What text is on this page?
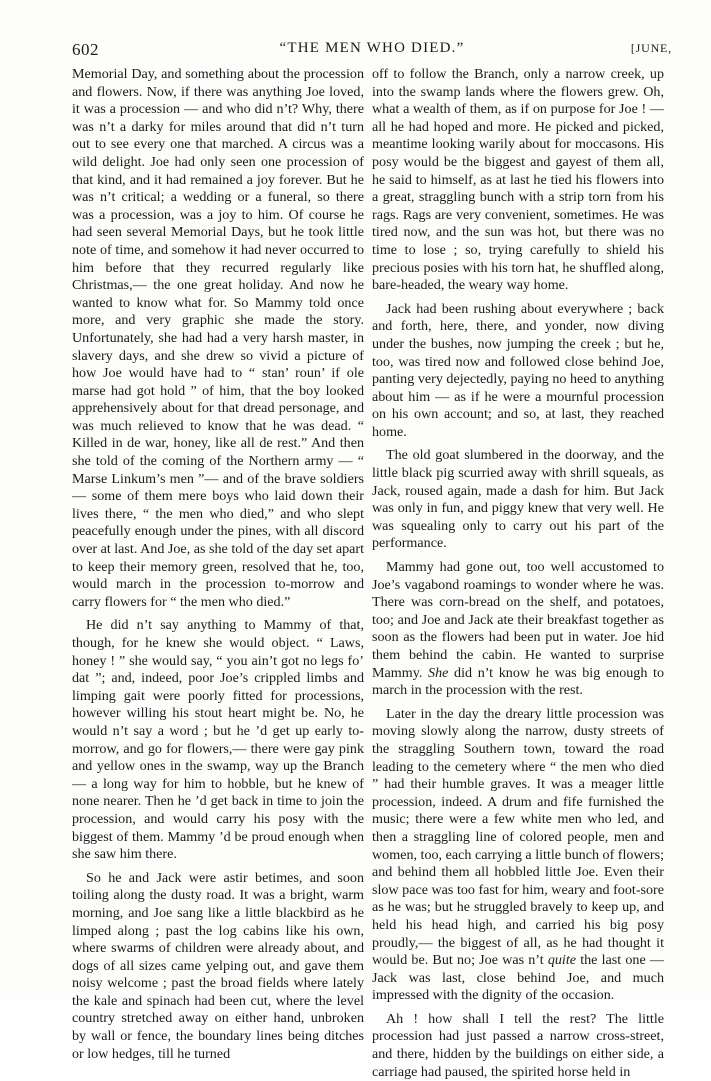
602	“THE MEN WHO DIED.”	[JUNE,

Memorial Day, and something about the procession and flowers. Now, if there was anything Joe loved, it was a procession — and who did n’t? Why, there was n’t a darky for miles around that did n’t turn out to see every one that marched. A circus was a wild delight. Joe had only seen one procession of that kind, and it had remained a joy forever. But he was n’t critical; a wedding or a funeral, so there was a procession, was a joy to him. Of course he had seen several Memorial Days, but he took little note of time, and somehow it had never occurred to him before that they recurred regularly like Christmas,— the one great holiday. And now he wanted to know what for. So Mammy told once more, and very graphic she made the story. Unfortunately, she had had a very harsh master, in slavery days, and she drew so vivid a picture of how Joe would have had to “ stan’ roun’ if ole marse had got hold ” of him, that the boy looked apprehensively about for that dread personage, and was much relieved to know that he was dead. “ Killed in de war, honey, like all de rest.” And then she told of the coming of the Northern army — “ Marse Linkum’s men ”— and of the brave soldiers — some of them mere boys who laid down their lives there, “ the men who died,” and who slept peacefully enough under the pines, with all discord over at last. And Joe, as she told of the day set apart to keep their memory green, resolved that he, too, would march in the procession to-morrow and carry flowers for “ the men who died.”

He did n’t say anything to Mammy of that, though, for he knew she would object. “ Laws, honey ! ” she would say, “ you ain’t got no legs fo’ dat ”; and, indeed, poor Joe’s crippled limbs and limping gait were poorly fitted for processions, however willing his stout heart might be. No, he would n’t say a word ; but he ’d get up early to-morrow, and go for flowers,— there were gay pink and yellow ones in the swamp, way up the Branch — a long way for him to hobble, but he knew of none nearer. Then he ’d get back in time to join the procession, and would carry his posy with the biggest of them. Mammy ’d be proud enough when she saw him there.

So he and Jack were astir betimes, and soon toiling along the dusty road. It was a bright, warm morning, and Joe sang like a little blackbird as he limped along ; past the log cabins like his own, where swarms of children were already about, and dogs of all sizes came yelping out, and gave them noisy welcome ; past the broad fields where lately the kale and spinach had been cut, where the level country stretched away on either hand, unbroken by wall or fence, the boundary lines being ditches or low hedges, till he turned

off to follow the Branch, only a narrow creek, up into the swamp lands where the flowers grew. Oh, what a wealth of them, as if on purpose for Joe ! — all he had hoped and more. He picked and picked, meantime looking warily about for moccasons. His posy would be the biggest and gayest of them all, he said to himself, as at last he tied his flowers into a great, straggling bunch with a strip torn from his rags. Rags are very convenient, sometimes. He was tired now, and the sun was hot, but there was no time to lose ; so, trying carefully to shield his precious posies with his torn hat, he shuffled along, bare-headed, the weary way home.

Jack had been rushing about everywhere ; back and forth, here, there, and yonder, now diving under the bushes, now jumping the creek ; but he, too, was tired now and followed close behind Joe, panting very dejectedly, paying no heed to anything about him — as if he were a mournful procession on his own account; and so, at last, they reached home.

The old goat slumbered in the doorway, and the little black pig scurried away with shrill squeals, as Jack, roused again, made a dash for him. But Jack was only in fun, and piggy knew that very well. He was squealing only to carry out his part of the performance.

Mammy had gone out, too well accustomed to Joe’s vagabond roamings to wonder where he was. There was corn-bread on the shelf, and potatoes, too; and Joe and Jack ate their breakfast together as soon as the flowers had been put in water. Joe hid them behind the cabin. He wanted to surprise Mammy. She did n’t know he was big enough to march in the procession with the rest.

Later in the day the dreary little procession was moving slowly along the narrow, dusty streets of the straggling Southern town, toward the road leading to the cemetery where “ the men who died ” had their humble graves. It was a meager little procession, indeed. A drum and fife furnished the music; there were a few white men who led, and then a straggling line of colored people, men and women, too, each carrying a little bunch of flowers; and behind them all hobbled little Joe. Even their slow pace was too fast for him, weary and foot-sore as he was; but he struggled bravely to keep up, and held his head high, and carried his big posy proudly,— the biggest of all, as he had thought it would be. But no; Joe was n’t quite the last one — Jack was last, close behind Joe, and much impressed with the dignity of the occasion.

Ah ! how shall I tell the rest? The little procession had just passed a narrow cross-street, and there, hidden by the buildings on either side, a carriage had paused, the spirited horse held in
